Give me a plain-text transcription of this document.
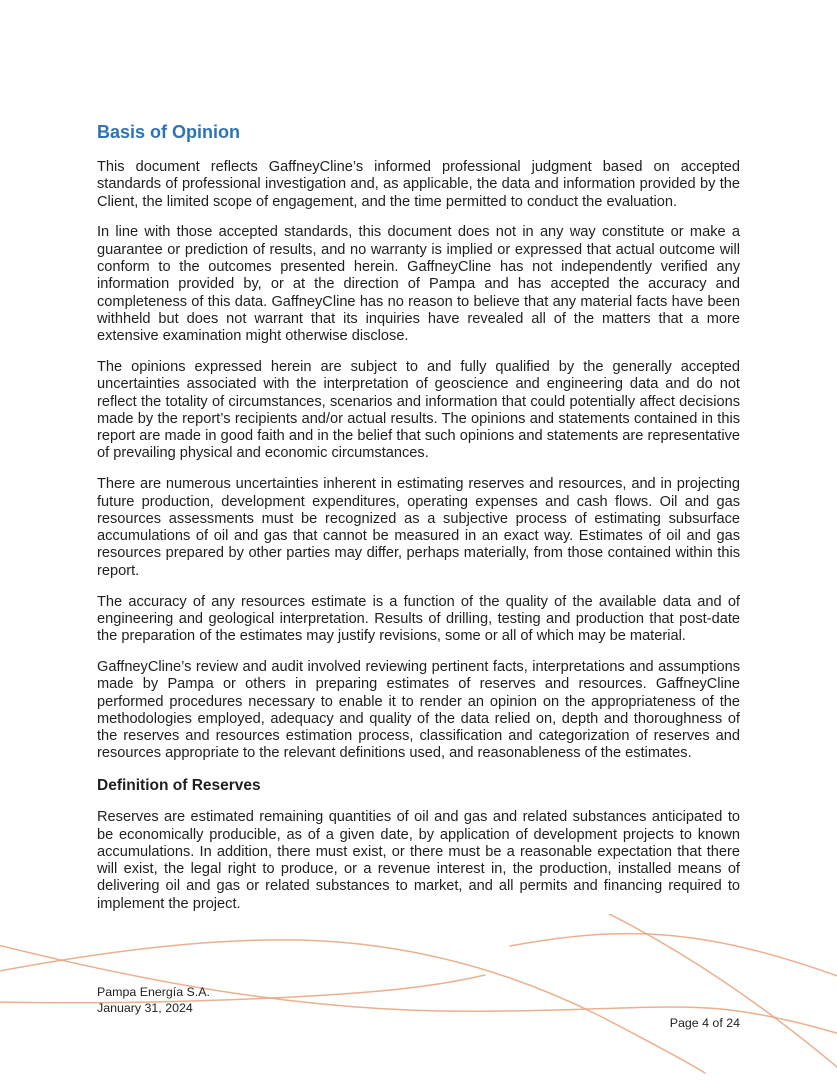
Basis of Opinion

This document reflects GaffneyCline’s informed professional judgment based on accepted standards of professional investigation and, as applicable, the data and information provided by the Client, the limited scope of engagement, and the time permitted to conduct the evaluation.

In line with those accepted standards, this document does not in any way constitute or make a guarantee or prediction of results, and no warranty is implied or expressed that actual outcome will conform to the outcomes presented herein. GaffneyCline has not independently verified any information provided by, or at the direction of Pampa and has accepted the accuracy and completeness of this data. GaffneyCline has no reason to believe that any material facts have been withheld but does not warrant that its inquiries have revealed all of the matters that a more extensive examination might otherwise disclose.

The opinions expressed herein are subject to and fully qualified by the generally accepted uncertainties associated with the interpretation of geoscience and engineering data and do not reflect the totality of circumstances, scenarios and information that could potentially affect decisions made by the report’s recipients and/or actual results. The opinions and statements contained in this report are made in good faith and in the belief that such opinions and statements are representative of prevailing physical and economic circumstances.

There are numerous uncertainties inherent in estimating reserves and resources, and in projecting future production, development expenditures, operating expenses and cash flows. Oil and gas resources assessments must be recognized as a subjective process of estimating subsurface accumulations of oil and gas that cannot be measured in an exact way. Estimates of oil and gas resources prepared by other parties may differ, perhaps materially, from those contained within this report.

The accuracy of any resources estimate is a function of the quality of the available data and of engineering and geological interpretation. Results of drilling, testing and production that post-date the preparation of the estimates may justify revisions, some or all of which may be material.

GaffneyCline’s review and audit involved reviewing pertinent facts, interpretations and assumptions made by Pampa or others in preparing estimates of reserves and resources. GaffneyCline performed procedures necessary to enable it to render an opinion on the appropriateness of the methodologies employed, adequacy and quality of the data relied on, depth and thoroughness of the reserves and resources estimation process, classification and categorization of reserves and resources appropriate to the relevant definitions used, and reasonableness of the estimates.

Definition of Reserves

Reserves are estimated remaining quantities of oil and gas and related substances anticipated to be economically producible, as of a given date, by application of development projects to known accumulations. In addition, there must exist, or there must be a reasonable expectation that there will exist, the legal right to produce, or a revenue interest in, the production, installed means of delivering oil and gas or related substances to market, and all permits and financing required to implement the project.

Pampa Energía S.A.
January 31, 2024
Page 4 of 24
